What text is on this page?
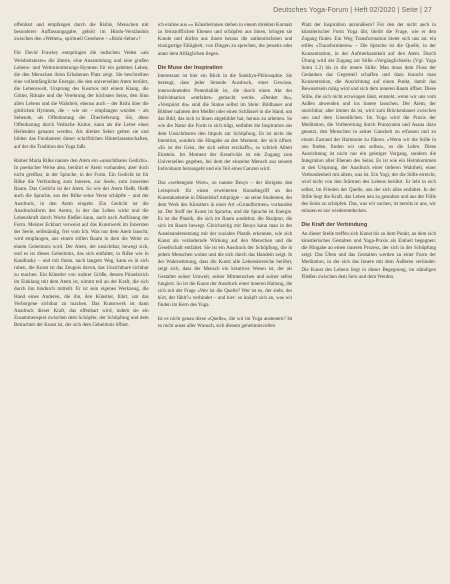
Deutsches Yoga-Forum | Heft 02/2020 | Seite | 27

offenbart und empfangen durch die Rishis, Menschen mit besonderer Auffassungsgabe, gehört im Hindu-Verständnis zwischen den »Welten«, spirituell Gesehene – »Rishi-Seher«?

Für David Frawley entspringen die indischen Veden »als Weisheitstexte« die älteste, eine Ansammlung und eine großen Lebens- und Weltorientierungs-Hymnen für ein gelebtes Leben, die den Menschen ihren Erhabenen Platz zeigt. Sie beschreiben eine vollumfängliche Energie, die den universellen Atem berührt, die Lebenswelt, Ursprung des Kosmos mit einem Klang, die Götter, Rituale und die Verehrung der höchsten Seins, den Sinn allen Lebens und die Wahrheit, ebenso auch – der Rishi über die göttlichen Hymnen, die – wie sie – empfangen wurden – als Sehende, als Offenbarung der Überlieferung. Sie, diese Offenbarung durch Vedische Kultur, kann als die Leiter eines Heilenden genannt werden. Als direkte Seher gelten sie und bilden das Fundament dieser schriftlichen Hinterlassenschaften, auf der die Tradition des Yoga fußt.

Rainer Maria Rilke nannte den Atem ein »unsichtbares Gedicht«. In poetischer Weise also, berührt er Atem vorhanden, aber doch nicht greifbar, in der Sprache, in der Form. Ein Gedicht ist für Rilke die Verbindung zum Inneren, zur Seele, zum innersten Raum. Das Gedicht ist der Atem. So wie der Atem fließt, fließt auch die Sprache, aus der Rilke seine Verse schöpfte – und der Ausdruck, in den Atem eingeht. Ein Gedicht ist die Ausdrucksform des Atems, in der das Leben wirkt und die Lebenskraft durch Worte fließen kann, auch nach Auflösung der Form. Meister Eckhart verweist auf das Kunstwerk im Innersten der Seele, selbständig, frei vom Ich. Was nur dem Atem lauscht, wird empfangen, aus einem stillen Raum in dem die Weite zu einem Geheimnis wird. Der Atem, der unsichtbar, bewegt sich, und es ist dieses Geheimnis, das sich entfaltet, in Rilke wie in Kandinsky – und mit ihnen, nach langem Weg, kann es in sich ruhen, die Kunst ist das Zeugnis davon, das Unsichtbare sichtbar zu machen. Ein Künstler von wahrer Größe, dessen Pinselstrich im Einklang mit dem Atem ist, nimmt teil an der Kraft, die sich durch ihn hindurch mitteilt. Er ist sein eigenes Werkzeug, die Hand eines Anderen, die ihn, den Künstler, führt, um das Verborgene sichtbar zu machen. Das Kunstwerk ist dann Ausdruck dieser Kraft, das offenbart wird, indem sie ein Zusammenspiel zwischen dem Schöpfer, der Schöpfung und dem Betrachter der Kunst ist, der sich dem Geheimnis öffnet.

ich erahne aus »« Künstlerinnen stehen in einem direkten Kontakt zu feinstofflichen Ebenen und schöpfen aus ihnen, bringen sie Kunde und dürfen aus ihnen heraus die authentischsten und einzigartige Fähigkeit, von Dingen zu sprechen, die jenseits oder unter dem Alltäglichen liegen.

Die Muse der Inspiration

Interessant ist hier ein Blick in die Sankhya-Philosophie. Sie bezeugt, dass jeder Seiende Ausdruck, einer Gewisse, innewohnenden Potentialität ist, die durch einen Akt der Individuation »entfaltet« gemacht werde. »Denkst du«, »Verspürst du« sind die Statue selbst im Stein: Bildhauer und Bildner nahmen den Meißel oder einen Schlüssel in die Hand, um das Bild, das sich in ihnen abgebildet hat, heraus zu arbeiten. So wie die Natur die Form in sich trägt, entfaltet die Inspiration aus dem Unsichtbaren den Impuls zur Schöpfung. Es ist nicht die Intention, sondern die Hingabe an den Moment, der sich öffnet. »Es ist der Geist, der sich selbst erschafft«, so schrieb Albert Einstein. Im Moment der Kreativität ist ein Zugang zum Universellen gegeben, bei dem der einzelne Mensch aus seinem Individuum herausgeht und ein Teil eines Ganzen wird.

Das »weltengute Wort«, so nannte Beuys – der übrigens den Leitspruch für einen erweiterten Kunstbegriff an der Kunstakademie in Düsseldorf mitprägte – an seine Studenten, der dem Werk des Künstlers in einer Art »Grundformen« vorhanden ist. Der Stoff der Kunst ist Sprache, und die Sprache ist Energie. Es ist die Plastik, die sich im Raum ausdehnt, die Skulptur, die sich im Raum bewegt. Gleichzeitig mit Beuys kann man in der Auseinandersetzung mit der sozialen Plastik erkennen, wie sich Kunst als verändernde Wirkung auf den Menschen und die Gesellschaft entfaltet. Sie ist ein Ausdruck der Schöpfung, die in jedem Menschen wohnt und die sich durch das Handeln zeigt. In der Wahrnehmung, dass die Kunst alle Lebensbereiche berührt, zeigt sich, dass der Mensch ein kreatives Wesen ist, der als Gestalter seiner Umwelt, seiner Mitmenschen und seiner selbst fungiert. So ist die Kunst der Ausdruck einer inneren Haltung, die sich mit der Frage »Wer ist die Quelle? Wer ist es, der sieht, der hört, der fühlt?« verbindet – und hier: so knüpft sich an, was wir finden im Kern des Yoga.

Ist es nicht genau diese »Quelle«, die wir im Yoga ansteuern? Ist es nicht unser aller Wunsch, sich diesem geheimnisvollen

Platz der Inspiration anzunähern? Für den der nicht auch in künstlerischer Form Yoga übt, bleibt die Frage, wie er den Zugang findet. Ein Weg Transformation bietet sich uns an: ein stilles »Transformieren« – Die Sprache ist die Quelle, in der Konzentration, in der Aufmerksamkeit auf den Atem. Durch Übung wird der Zugang zur Stille »Vergänglichkeit« (Vgl. Yoga Sutra 1.2) bis in die innere Stille. Man muss dem Fluss der Gedanken das Gegenteil schaffen und dazu braucht man Konzentration, die Ausrichtung auf einen Punkt, damit das Bewusstsein ruhig wird und sich dem inneren Raum öffnet. Diese Stille, die sich nicht erzwingen lässt, entsteht, wenn wir uns vom Außen abwenden und ins Innere lauschen. Der Atem, der unsichtbar, aber immer da ist, wird zum Brückenbauer zwischen uns und dem Unendlichen. Im Yoga wird die Praxis der Meditation, die Vorbereitung durch Pranayama und Asana dazu genutzt, den Menschen in seiner Ganzheit zu erfassen und zu einem Zustand der Harmonie zu führen. »Wenn wir die Stille in uns finden, finden wir uns selbst«, so die Lehre. Diese Ausrichtung ist nicht nur ein geistiger Vorgang, sondern die Integration aller Ebenen des Seins. Es ist wie ein Heimkommen in den Ursprung, der Ausdruck einer tieferen Wahrheit, einer Verbundenheit mit allem, was ist. Ein Yogi, der die Stille erreicht, wird nicht von den Stürmen des Lebens berührt. Er lebt in sich selbst, im Frieden der Quelle, aus der sich alles entfaltet. In der Stille liegt die Kraft, das Leben neu zu gestalten und aus der Fülle des Seins zu schöpfen. Das, was wir suchen, ist bereits in uns, wir müssen es nur wiederentdecken.

Die Kraft der Verbindung

An dieser Stelle treffen sich Kunst bis zu dem Punkt, an dem sich künstlerisches Gestalten und Yoga-Praxis als Einheit begegnen: die Hingabe an einen inneren Prozess, der sich in der Schöpfung zeigt. Das Üben und das Gestalten werden zu einer Form der Meditation, in der sich das Innere mit dem Äußeren verbindet. Die Kunst des Lebens liegt in dieser Begegnung, im ständigen Fließen zwischen dem Sein und dem Werden.
